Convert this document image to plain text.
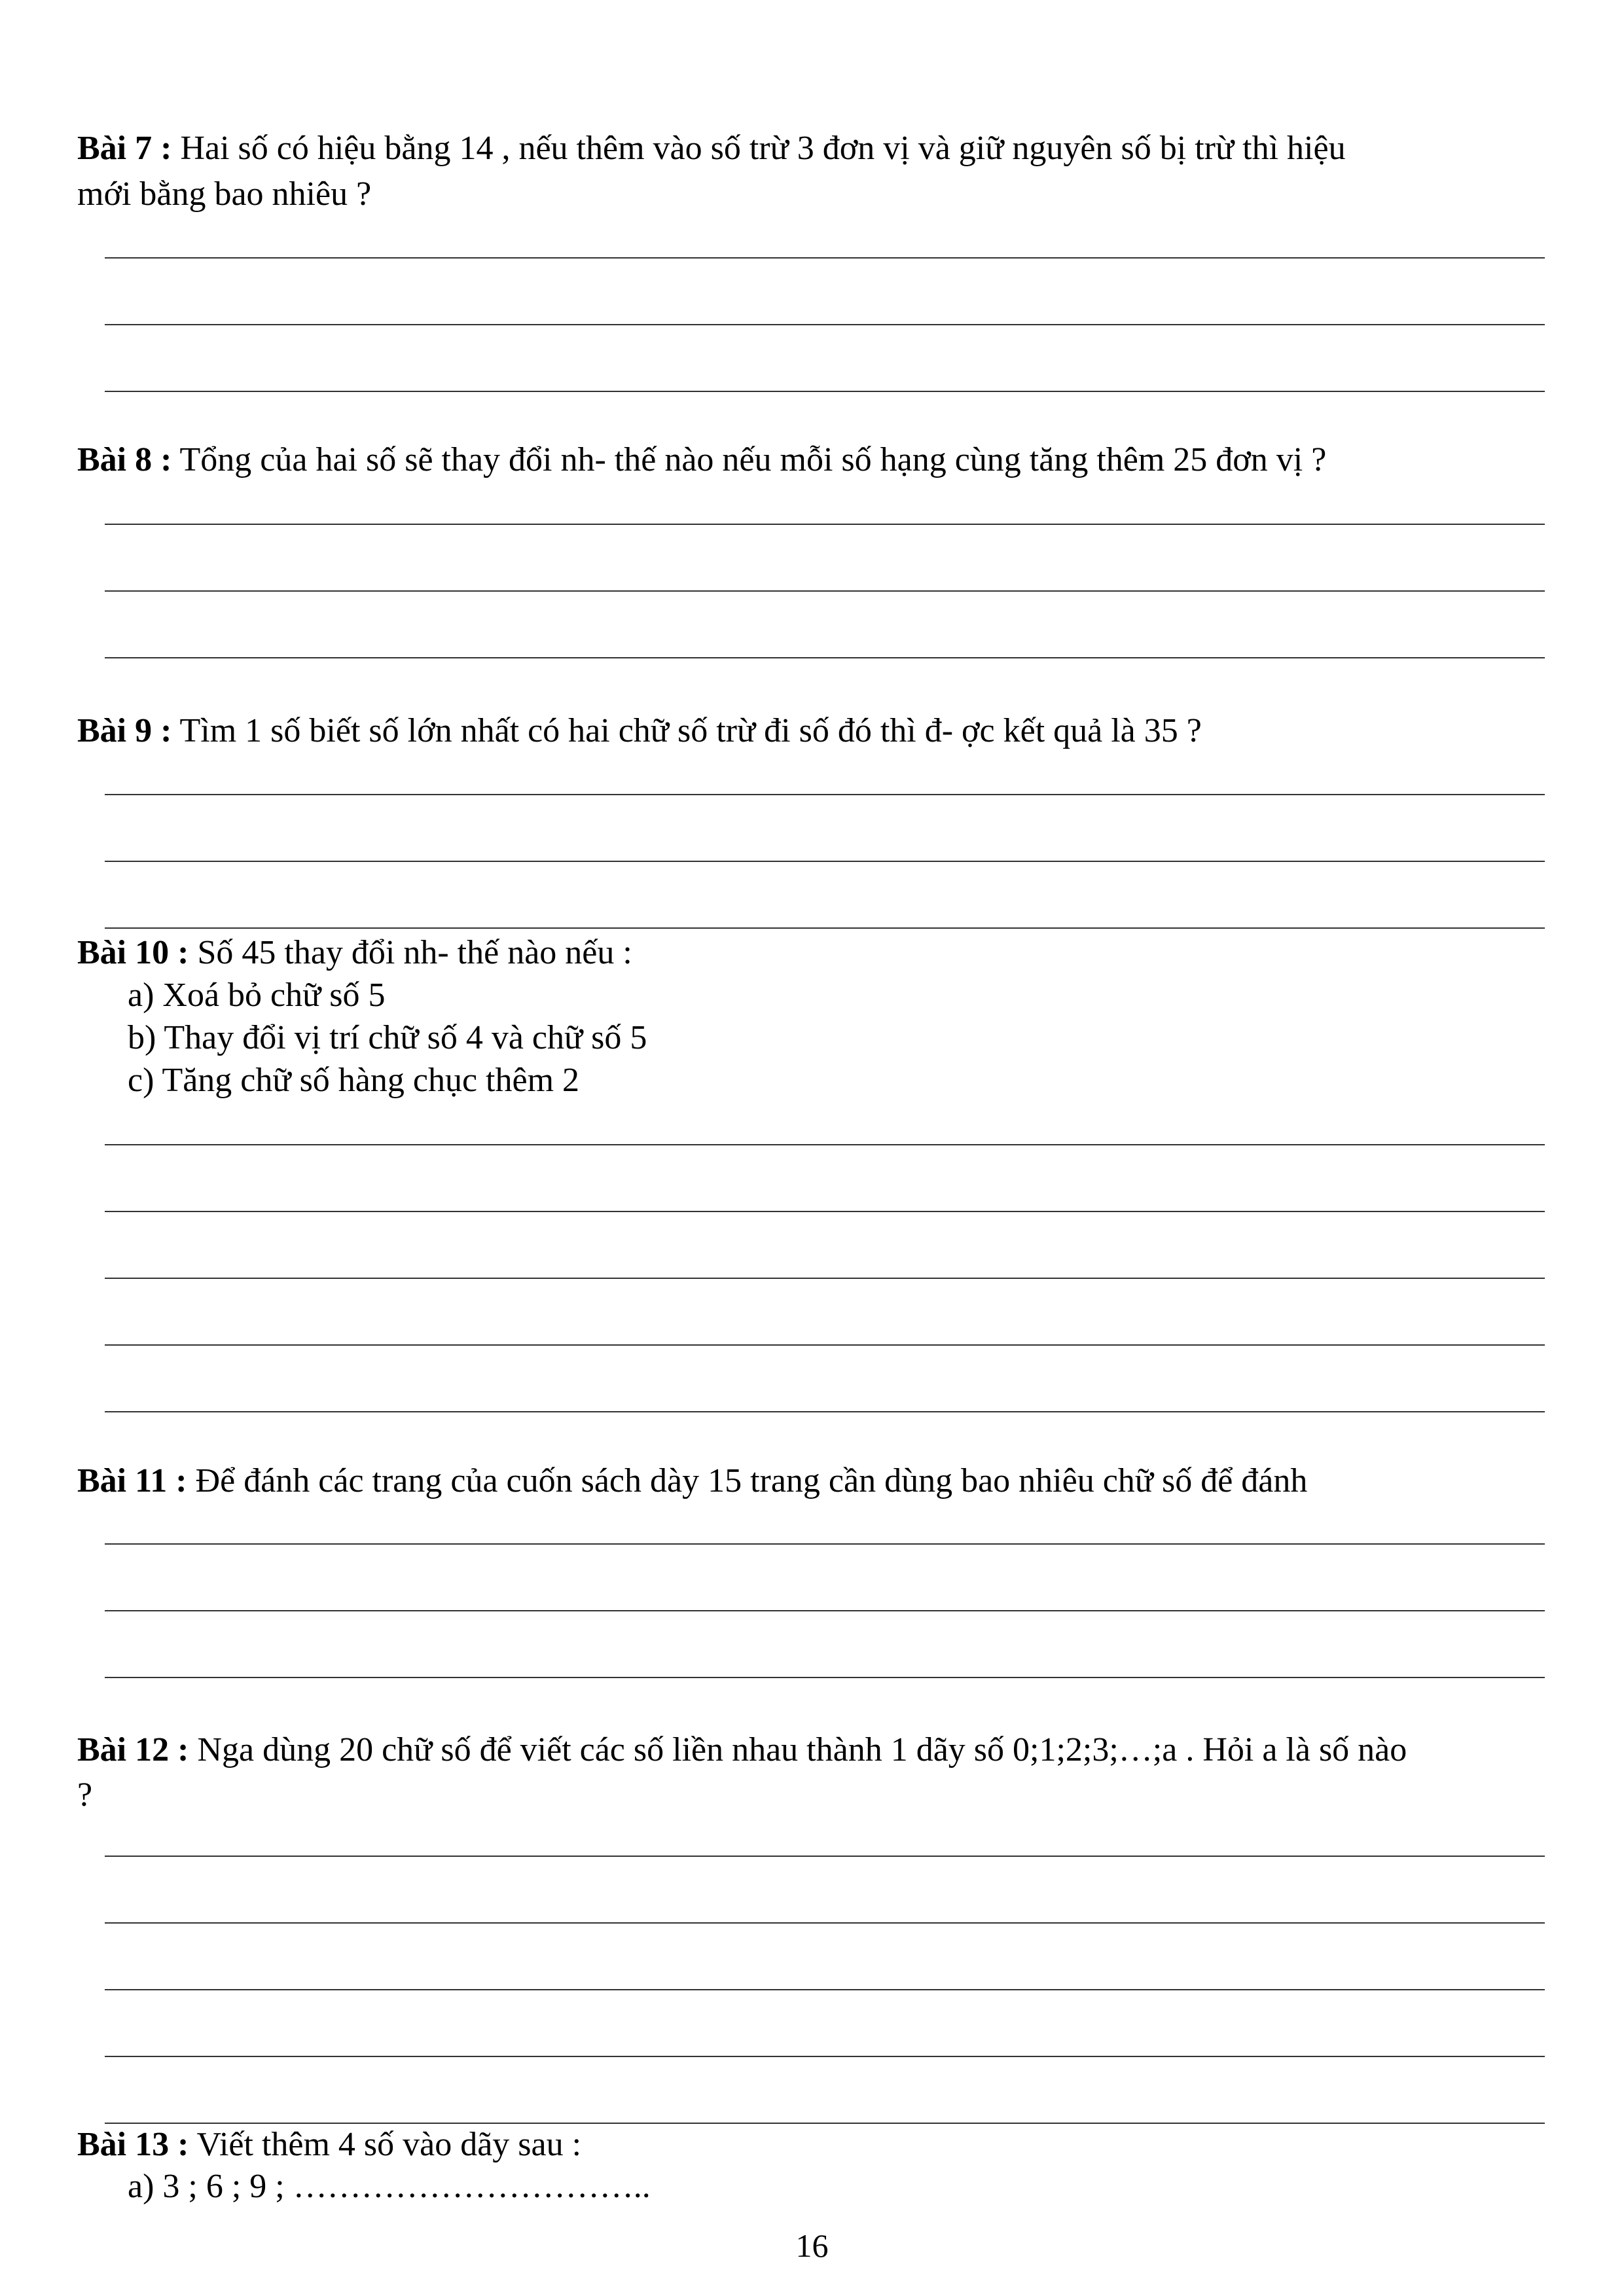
Bài 7 : Hai số có hiệu bằng 14 , nếu thêm vào số trừ 3 đơn vị và giữ nguyên số bị trừ thì hiệu
mới bằng bao nhiêu ?
Bài 8 : Tổng của hai số sẽ thay đổi nh- thế nào nếu mỗi số hạng cùng tăng thêm 25 đơn vị ?
Bài 9 : Tìm 1 số biết số lớn nhất có hai chữ số trừ đi số đó thì đ- ợc kết quả là 35 ?
Bài 10 : Số 45 thay đổi nh- thế nào nếu :
a) Xoá bỏ chữ số 5
b) Thay đổi vị trí chữ số 4 và chữ số 5
c) Tăng chữ số hàng chục thêm 2
Bài 11 : Để đánh các trang của cuốn sách dày 15 trang cần dùng bao nhiêu chữ số để đánh
Bài 12 : Nga dùng 20 chữ số để viết các số liền nhau thành 1 dãy số 0;1;2;3;…;a . Hỏi a là số nào
?
Bài 13 : Viết thêm 4 số vào dãy sau :
a) 3 ; 6 ; 9 ; …………………………..
16
